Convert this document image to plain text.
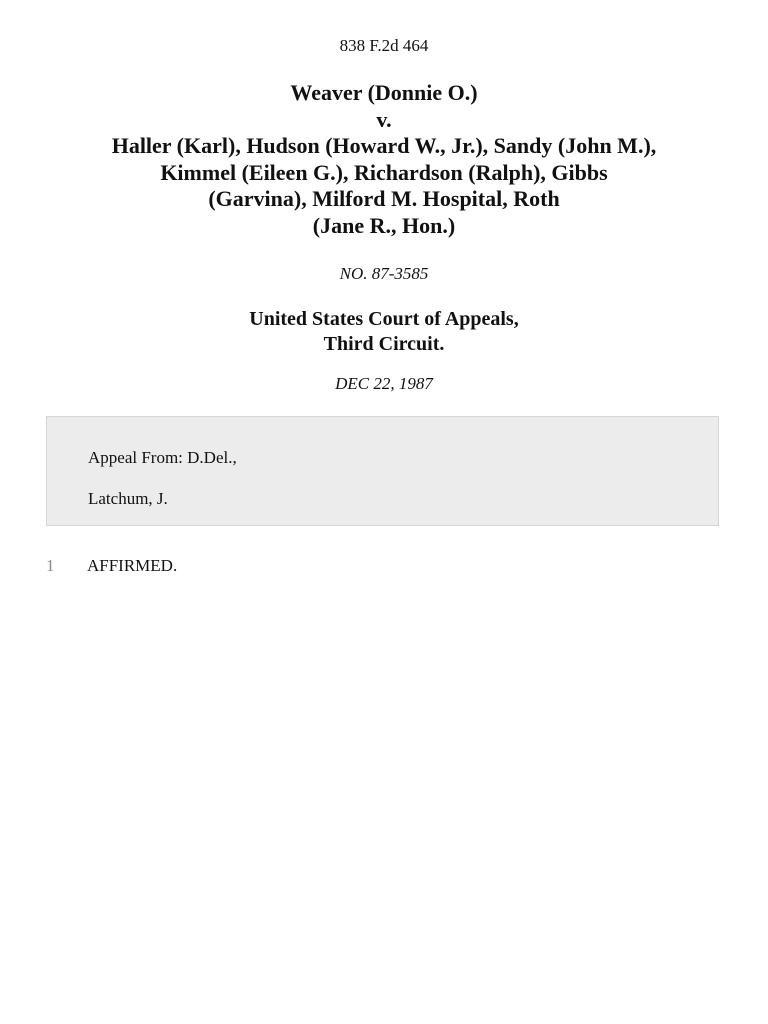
838 F.2d 464
Weaver (Donnie O.)
v.
Haller (Karl), Hudson (Howard W., Jr.), Sandy (John M.),
Kimmel (Eileen G.), Richardson (Ralph), Gibbs
(Garvina), Milford M. Hospital, Roth
(Jane R., Hon.)
NO. 87-3585
United States Court of Appeals,
Third Circuit.
DEC 22, 1987
Appeal From: D.Del.,
Latchum, J.
1 AFFIRMED.
